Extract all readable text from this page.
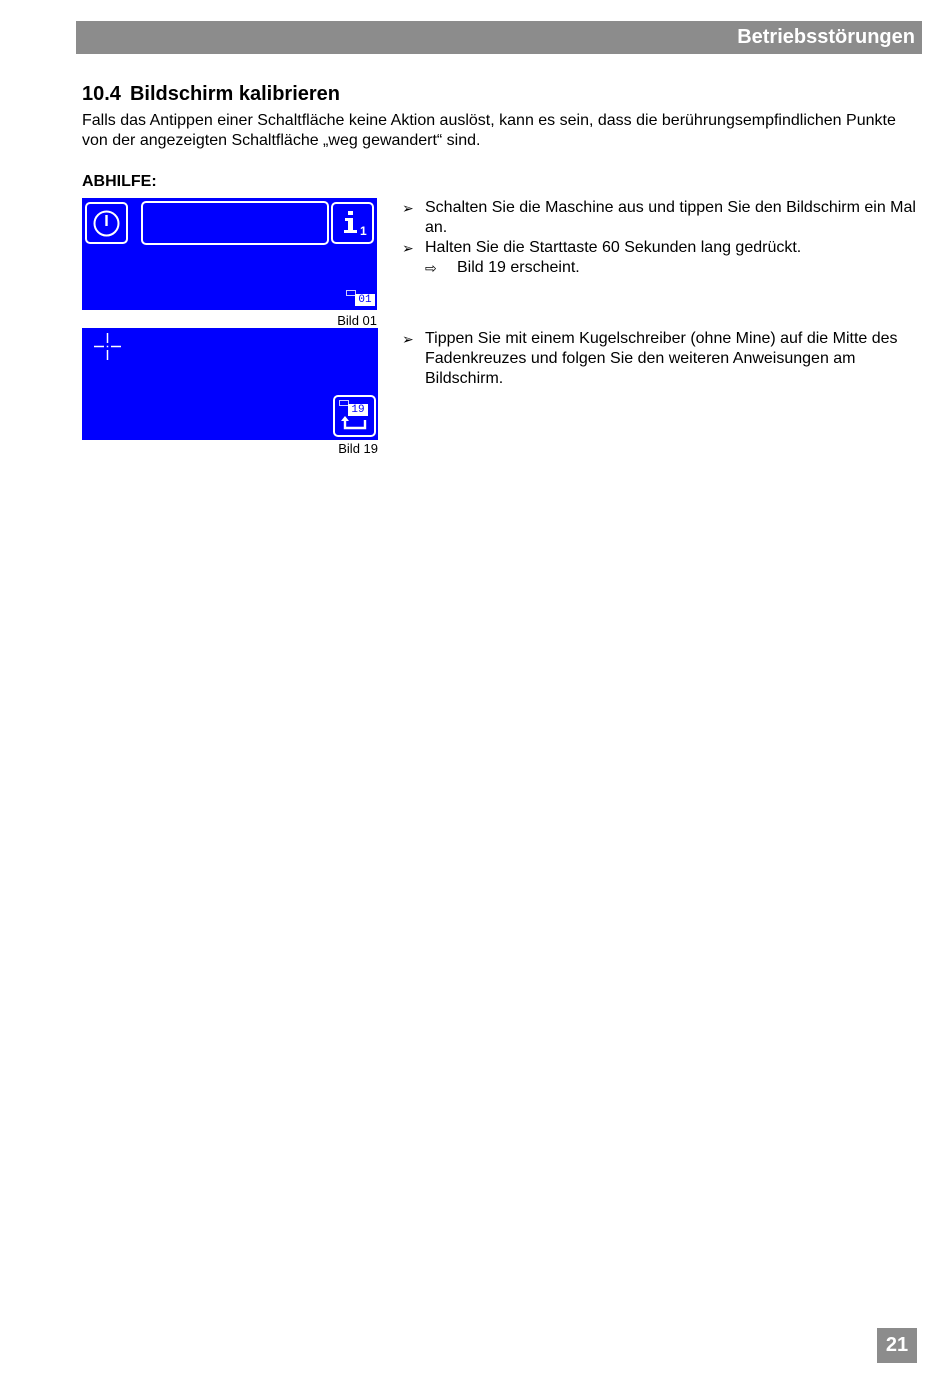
Betriebsstörungen
10.4 Bildschirm kalibrieren
Falls das Antippen einer Schaltfläche keine Aktion auslöst, kann es sein, dass die berührungsempfindlichen Punkte von der angezeigten Schaltfläche „weg gewandert“ sind.
ABHILFE:
1
01
Bild 01
19
Bild 19
➢ Schalten Sie die Maschine aus und tippen Sie den Bildschirm ein Mal an.
➢ Halten Sie die Starttaste 60 Sekunden lang gedrückt.
⇨ Bild 19 erscheint.
➢ Tippen Sie mit einem Kugelschreiber (ohne Mine) auf die Mitte des Fadenkreuzes und folgen Sie den weiteren Anweisungen am Bildschirm.
21
